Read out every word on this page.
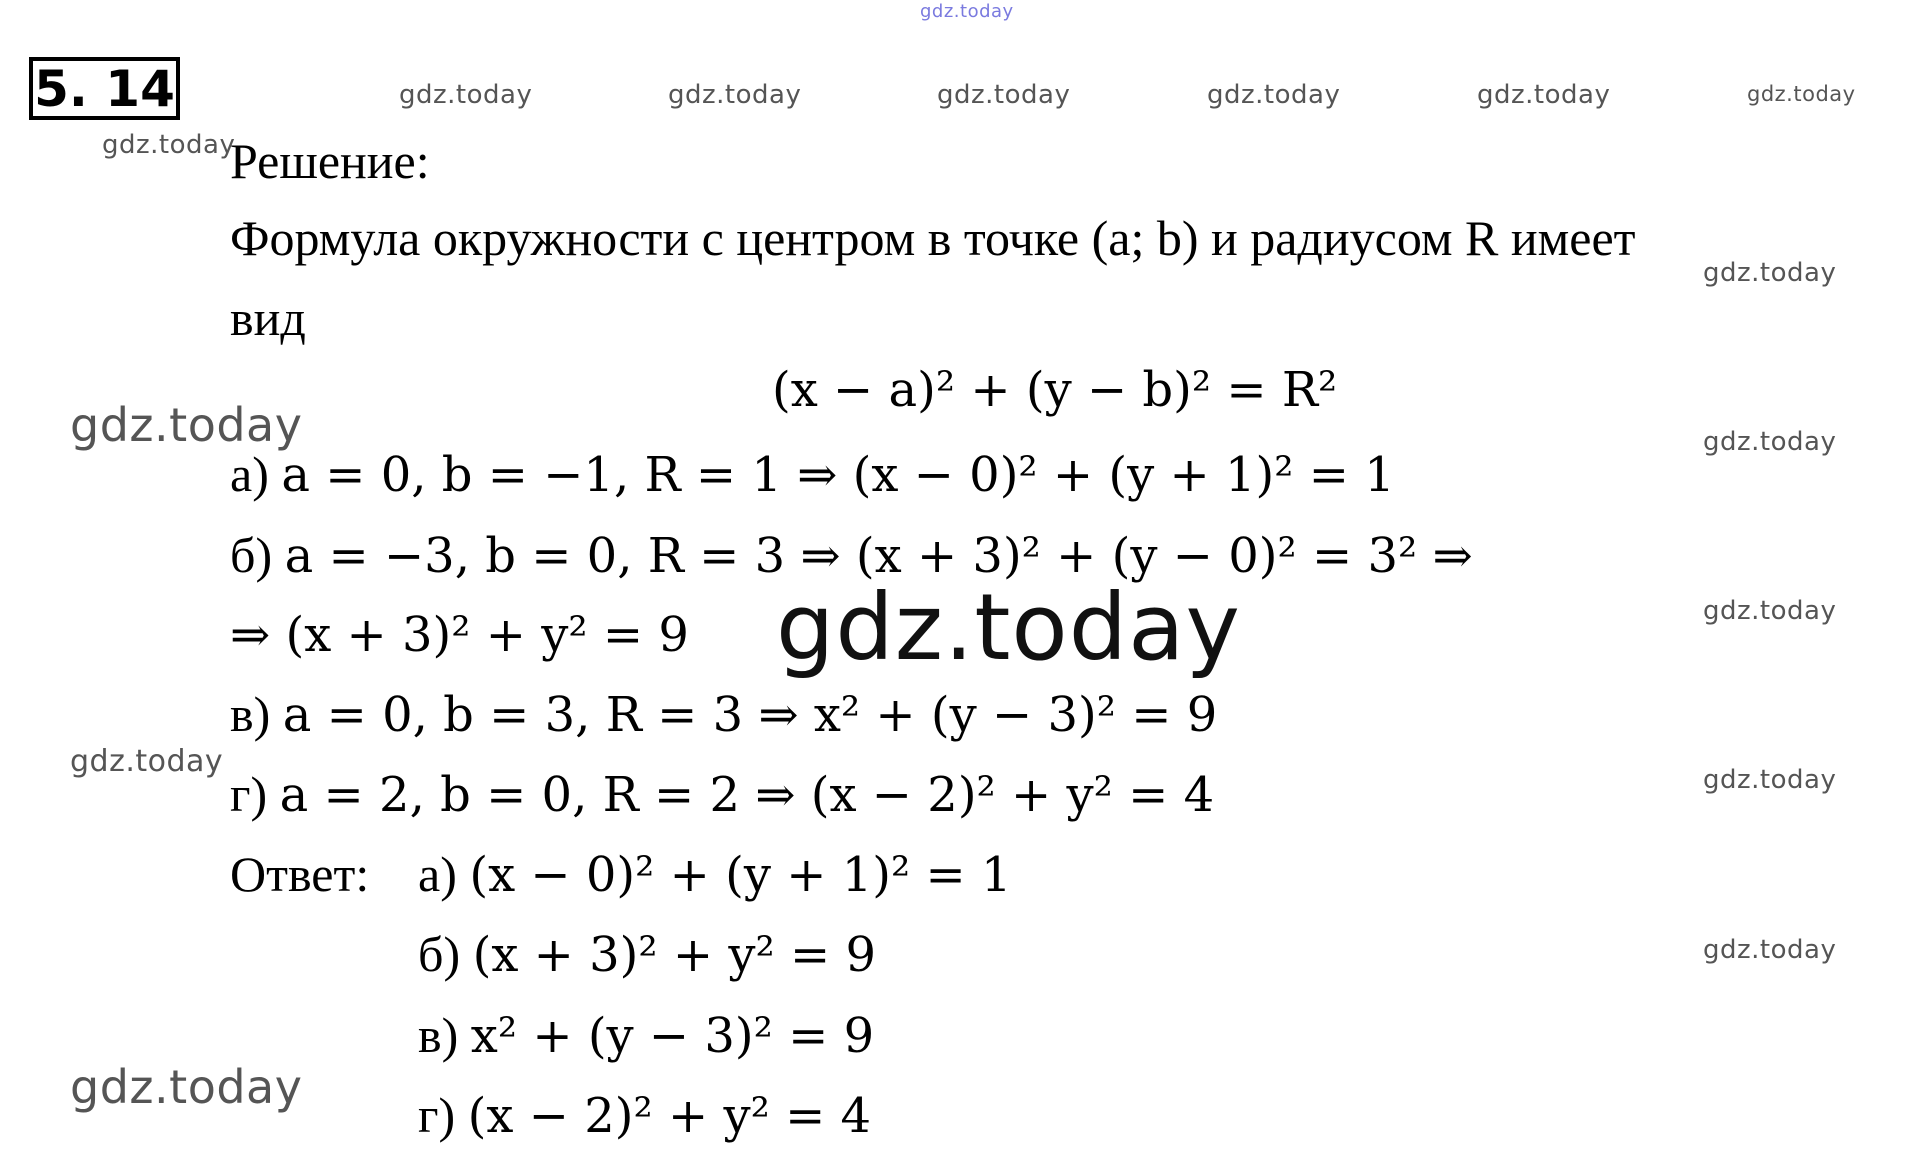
gdz.today
gdz.today	gdz.today	gdz.today	gdz.today	gdz.today	gdz.today
gdz.today
gdz.today
gdz.today	gdz.today
gdz.today
gdz.today
gdz.today
gdz.today
gdz.today
gdz.today
5. 14
Решение:
Формула окружности с центром в точке (a; b) и радиусом R имеет
вид
(x − a)² + (y − b)² = R²
а) a = 0, b = −1, R = 1 ⇒ (x − 0)² + (y + 1)² = 1
б) a = −3, b = 0, R = 3 ⇒ (x + 3)² + (y − 0)² = 3² ⇒
⇒ (x + 3)² + y² = 9
в) a = 0, b = 3, R = 3 ⇒ x² + (y − 3)² = 9
г) a = 2, b = 0, R = 2 ⇒ (x − 2)² + y² = 4
Ответ: а) (x − 0)² + (y + 1)² = 1
б) (x + 3)² + y² = 9
в) x² + (y − 3)² = 9
г) (x − 2)² + y² = 4
